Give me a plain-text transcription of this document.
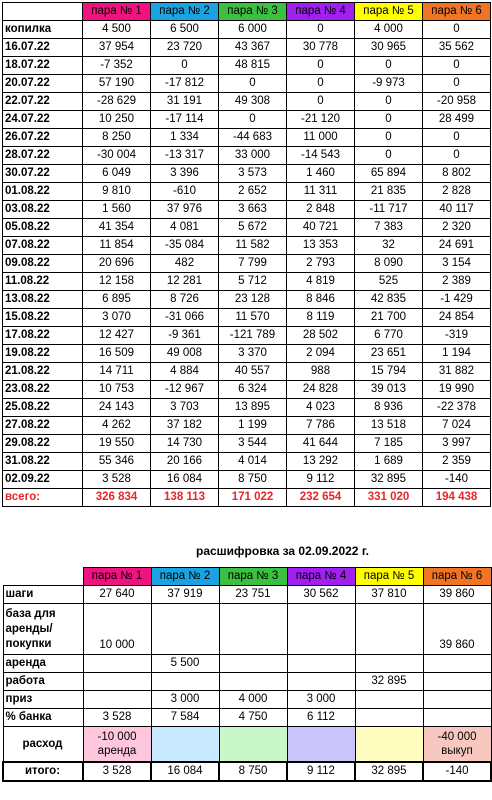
	пара № 1	пара № 2	пара № 3	пара № 4	пара № 5	пара № 6
копилка	4 500	6 500	6 000	0	4 000	0
16.07.22	37 954	23 720	43 367	30 778	30 965	35 562
18.07.22	-7 352	0	48 815	0	0	0
20.07.22	57 190	-17 812	0	0	-9 973	0
22.07.22	-28 629	31 191	49 308	0	0	-20 958
24.07.22	10 250	-17 114	0	-21 120	0	28 499
26.07.22	8 250	1 334	-44 683	11 000	0	0
28.07.22	-30 004	-13 317	33 000	-14 543	0	0
30.07.22	6 049	3 396	3 573	1 460	65 894	8 802
01.08.22	9 810	-610	2 652	11 311	21 835	2 828
03.08.22	1 560	37 976	3 663	2 848	-11 717	40 117
05.08.22	41 354	4 081	5 672	40 721	7 383	2 320
07.08.22	11 854	-35 084	11 582	13 353	32	24 691
09.08.22	20 696	482	7 799	2 793	8 090	3 154
11.08.22	12 158	12 281	5 712	4 819	525	2 389
13.08.22	6 895	8 726	23 128	8 846	42 835	-1 429
15.08.22	3 070	-31 066	11 570	8 119	21 700	24 854
17.08.22	12 427	-9 361	-121 789	28 502	6 770	-319
19.08.22	16 509	49 008	3 370	2 094	23 651	1 194
21.08.22	14 711	4 884	40 557	988	15 794	31 882
23.08.22	10 753	-12 967	6 324	24 828	39 013	19 990
25.08.22	24 143	3 703	13 895	4 023	8 936	-22 378
27.08.22	4 262	37 182	1 199	7 786	13 518	7 024
29.08.22	19 550	14 730	3 544	41 644	7 185	3 997
31.08.22	55 346	20 166	4 014	13 292	1 689	2 359
02.09.22	3 528	16 084	8 750	9 112	32 895	-140
всего:	326 834	138 113	171 022	232 654	331 020	194 438
расшифровка за 02.09.2022 г.
	пара № 1	пара № 2	пара № 3	пара № 4	пара № 5	пара № 6
шаги	27 640	37 919	23 751	30 562	37 810	39 860
база для аренды/покупки	10 000					39 860
аренда		5 500				
работа					32 895	
приз		3 000	4 000	3 000		
% банка	3 528	7 584	4 750	6 112		
расход	-10 000 аренда					-40 000 выкуп
итого:	3 528	16 084	8 750	9 112	32 895	-140
